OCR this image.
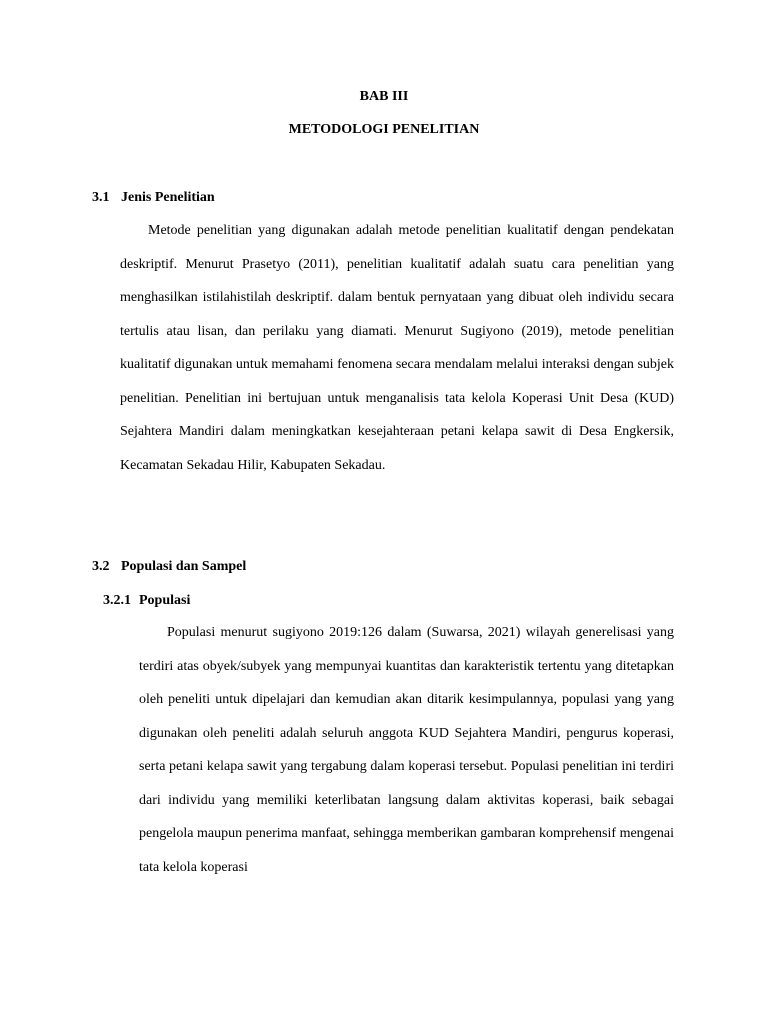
BAB III
METODOLOGI PENELITIAN
3.1 Jenis Penelitian

Metode penelitian yang digunakan adalah metode penelitian kualitatif dengan pendekatan deskriptif. Menurut Prasetyo (2011), penelitian kualitatif adalah suatu cara penelitian yang menghasilkan istilahistilah deskriptif. dalam bentuk pernyataan yang dibuat oleh individu secara tertulis atau lisan, dan perilaku yang diamati. Menurut Sugiyono (2019), metode penelitian kualitatif digunakan untuk memahami fenomena secara mendalam melalui interaksi dengan subjek penelitian. Penelitian ini bertujuan untuk menganalisis tata kelola Koperasi Unit Desa (KUD) Sejahtera Mandiri dalam meningkatkan kesejahteraan petani kelapa sawit di Desa Engkersik, Kecamatan Sekadau Hilir, Kabupaten Sekadau.

3.2 Populasi dan Sampel
3.2.1 Populasi

Populasi menurut sugiyono 2019:126 dalam (Suwarsa, 2021) wilayah generelisasi yang terdiri atas obyek/subyek yang mempunyai kuantitas dan karakteristik tertentu yang ditetapkan oleh peneliti untuk dipelajari dan kemudian akan ditarik kesimpulannya, populasi yang yang digunakan oleh peneliti adalah seluruh anggota KUD Sejahtera Mandiri, pengurus koperasi, serta petani kelapa sawit yang tergabung dalam koperasi tersebut. Populasi penelitian ini terdiri dari individu yang memiliki keterlibatan langsung dalam aktivitas koperasi, baik sebagai pengelola maupun penerima manfaat, sehingga memberikan gambaran komprehensif mengenai tata kelola koperasi
